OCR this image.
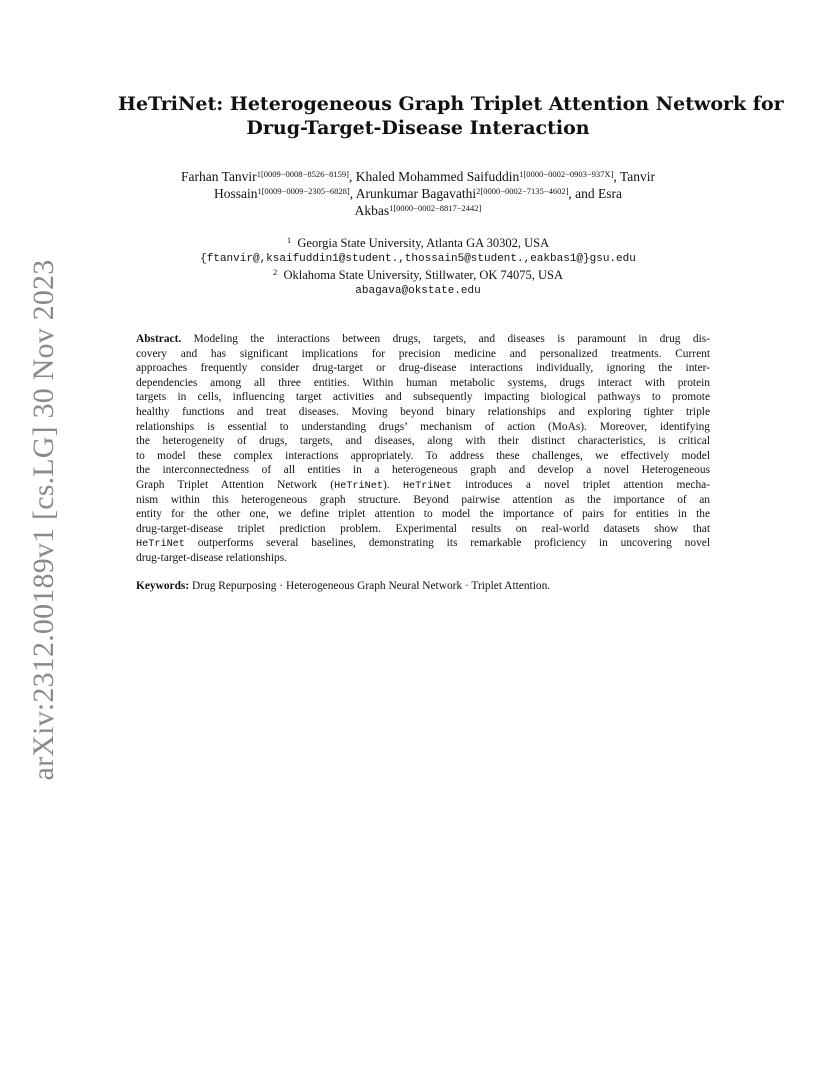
arXiv:2312.00189v1 [cs.LG] 30 Nov 2023
HeTriNet: Heterogeneous Graph Triplet Attention Network for
Drug-Target-Disease Interaction
Farhan Tanvir$^{1[0009-0008-8526-8159]}$, Khaled Mohammed Saifuddin$^{1[0000-0002-0903-937X]}$, Tanvir
Hossain$^{1[0009-0009-2305-6828]}$, Arunkumar Bagavathi$^{2[0000-0002-7135-4602]}$, and Esra
Akbas$^{1[0000-0002-8817-2442]}$
$^1$ Georgia State University, Atlanta GA 30302, USA
{ftanvir@,ksaifuddin1@student.,thossain5@student.,eakbas1@}gsu.edu
$^2$ Oklahoma State University, Stillwater, OK 74075, USA
abagava@okstate.edu
Abstract. Modeling the interactions between drugs, targets, and diseases is paramount in drug dis-
covery and has significant implications for precision medicine and personalized treatments. Current
approaches frequently consider drug-target or drug-disease interactions individually, ignoring the inter-
dependencies among all three entities. Within human metabolic systems, drugs interact with protein
targets in cells, influencing target activities and subsequently impacting biological pathways to promote
healthy functions and treat diseases. Moving beyond binary relationships and exploring tighter triple
relationships is essential to understanding drugs’ mechanism of action (MoAs). Moreover, identifying
the heterogeneity of drugs, targets, and diseases, along with their distinct characteristics, is critical
to model these complex interactions appropriately. To address these challenges, we effectively model
the interconnectedness of all entities in a heterogeneous graph and develop a novel Heterogeneous
Graph Triplet Attention Network (HeTriNet). HeTriNet introduces a novel triplet attention mecha-
nism within this heterogeneous graph structure. Beyond pairwise attention as the importance of an
entity for the other one, we define triplet attention to model the importance of pairs for entities in the
drug-target-disease triplet prediction problem. Experimental results on real-world datasets show that
HeTriNet outperforms several baselines, demonstrating its remarkable proficiency in uncovering novel
drug-target-disease relationships.
Keywords: Drug Repurposing · Heterogeneous Graph Neural Network · Triplet Attention.
